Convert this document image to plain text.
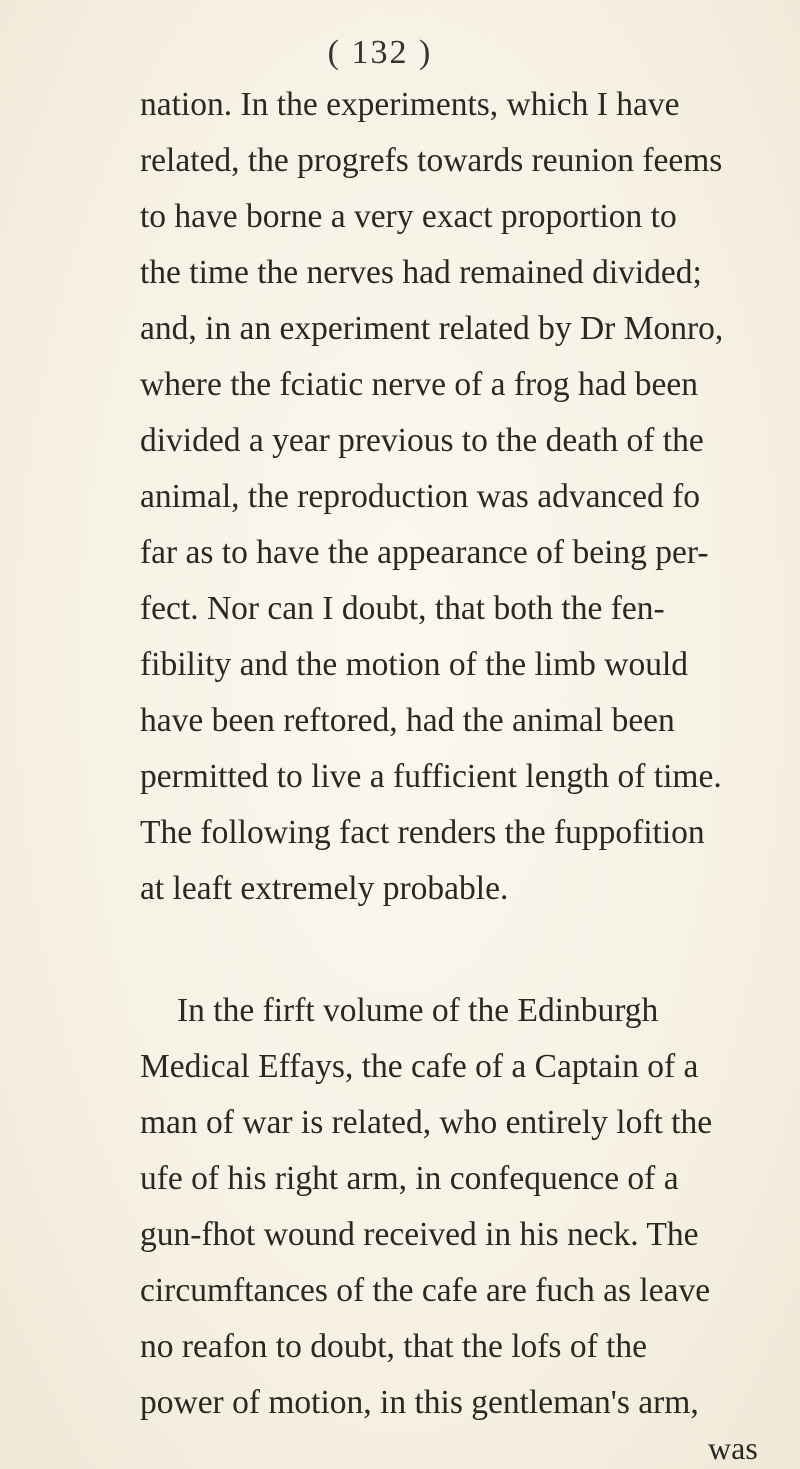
( 132 )
nation. In the experiments, which I have
related, the progrefs towards reunion feems
to have borne a very exact proportion to
the time the nerves had remained divided;
and, in an experiment related by Dr Monro,
where the fciatic nerve of a frog had been
divided a year previous to the death of the
animal, the reproduction was advanced fo
far as to have the appearance of being per-
fect. Nor can I doubt, that both the fen-
fibility and the motion of the limb would
have been reftored, had the animal been
permitted to live a fufficient length of time.
The following fact renders the fuppofition
at leaft extremely probable.
In the firft volume of the Edinburgh
Medical Effays, the cafe of a Captain of a
man of war is related, who entirely loft the
ufe of his right arm, in confequence of a
gun-fhot wound received in his neck. The
circumftances of the cafe are fuch as leave
no reafon to doubt, that the lofs of the
power of motion, in this gentleman's arm,
was
